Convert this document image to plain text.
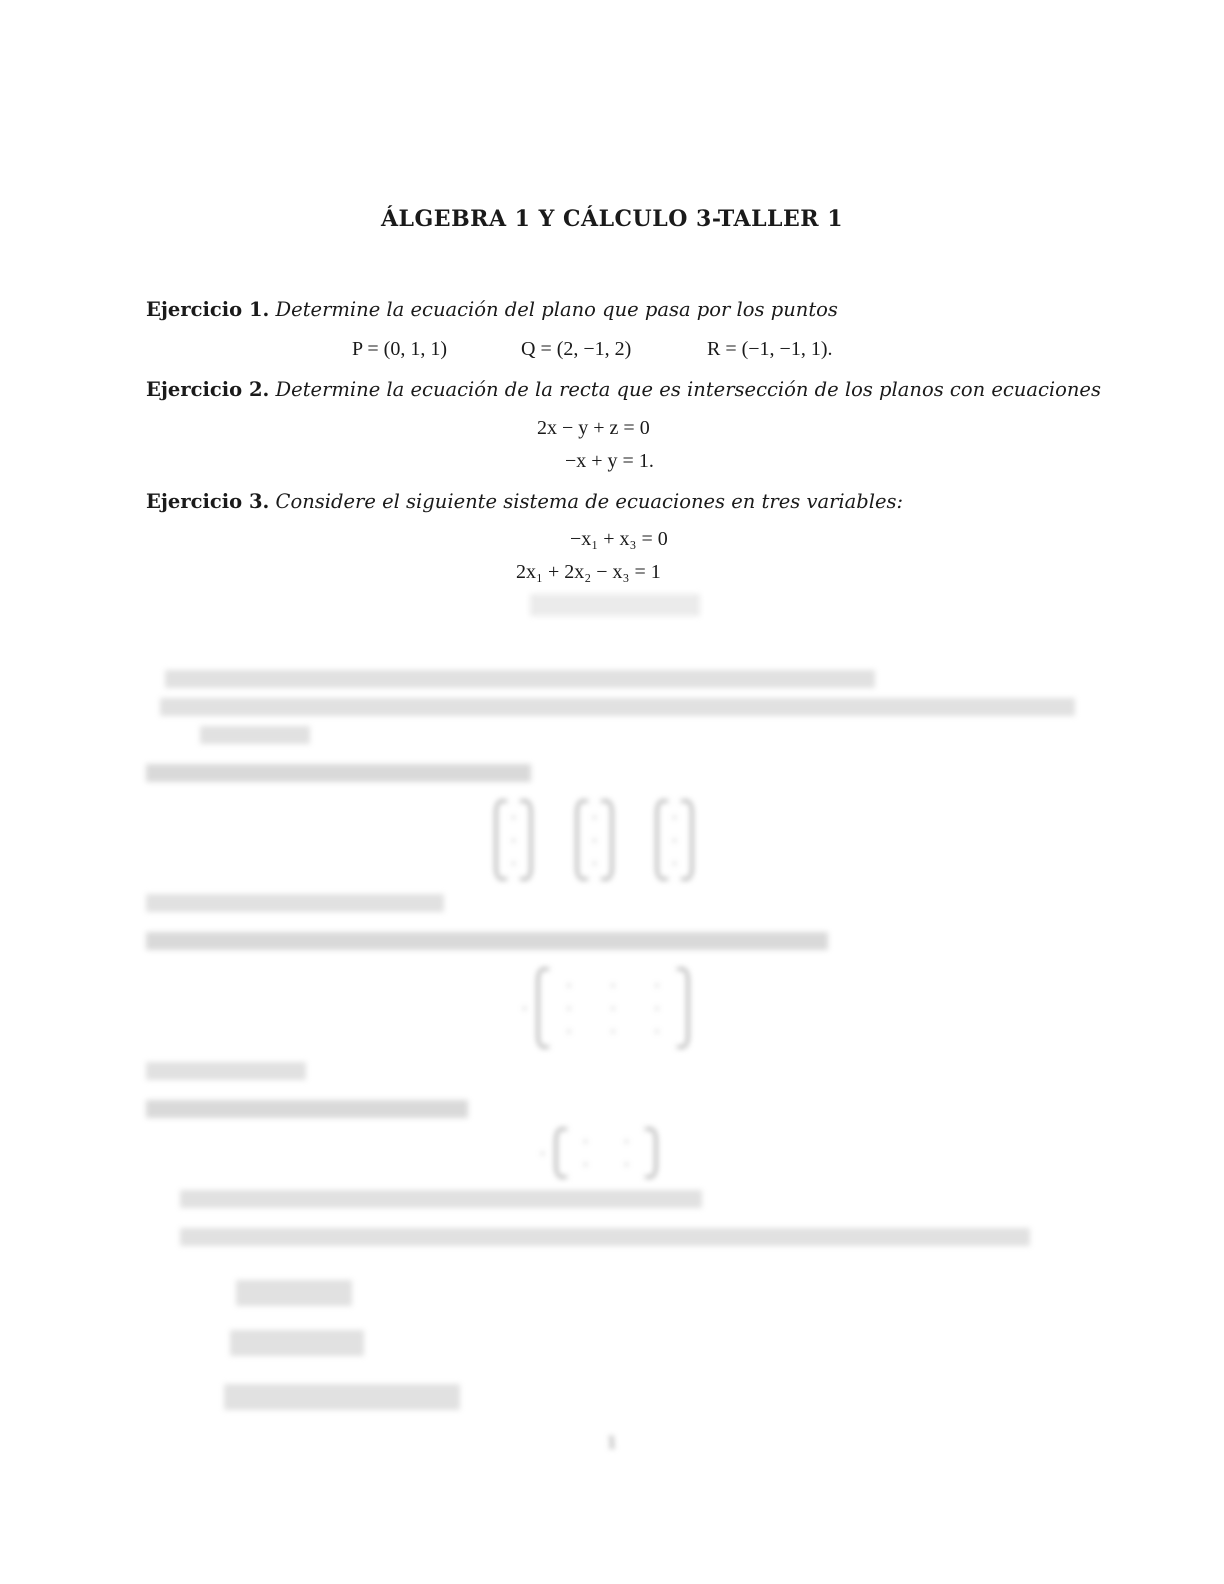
ÁLGEBRA 1 Y CÁLCULO 3-TALLER 1
Ejercicio 1. Determine la ecuación del plano que pasa por los puntos
P = (0, 1, 1)	Q = (2, −1, 2)	R = (−1, −1, 1).
Ejercicio 2. Determine la ecuación de la recta que es intersección de los planos con ecuaciones
2x − y + z = 0
−x + y = 1.
Ejercicio 3. Considere el siguiente sistema de ecuaciones en tres variables:
−x₁ + x₃ = 0
2x₁ + 2x₂ − x₃ = 1
·
·
·
·
·
·
·
·
·
·
·	·	·
·	·	·
·	·	·
·
·	·
·	·
1
